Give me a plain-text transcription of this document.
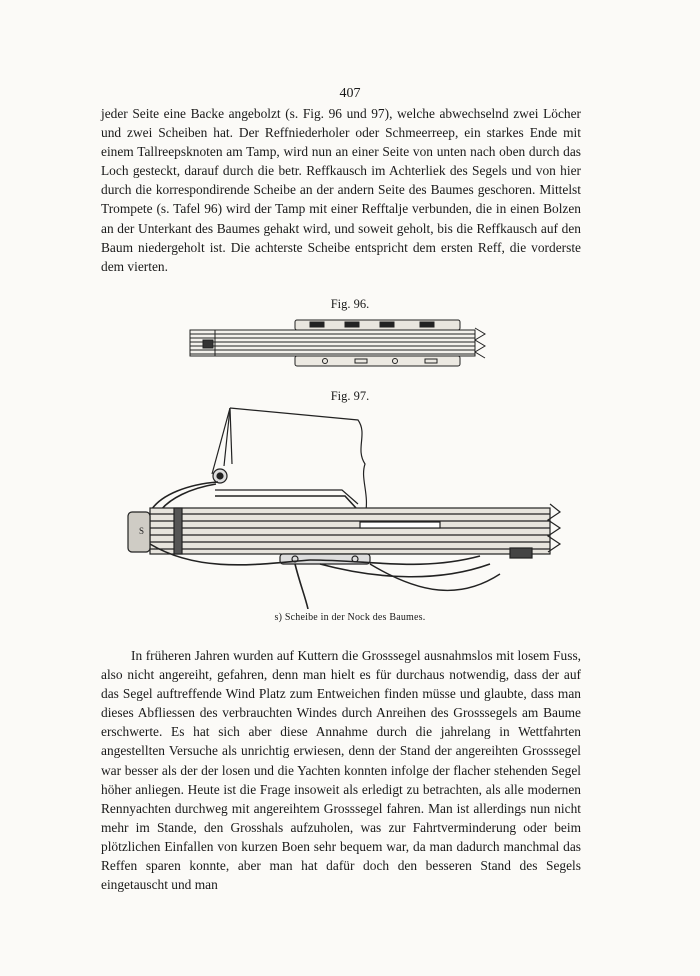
407

jeder Seite eine Backe angebolzt (s. Fig. 96 und 97), welche abwechselnd zwei Löcher und zwei Scheiben hat. Der Reffniederholer oder Schmeerreep, ein starkes Ende mit einem Tallreepsknoten am Tamp, wird nun an einer Seite von unten nach oben durch das Loch gesteckt, darauf durch die betr. Reffkausch im Achterliek des Segels und von hier durch die korrespondirende Scheibe an der andern Seite des Baumes geschoren. Mittelst Trompete (s. Tafel 96) wird der Tamp mit einer Refftalje verbunden, die in einen Bolzen an der Unterkant des Baumes gehakt wird, und soweit geholt, bis die Reffkausch auf den Baum niedergeholt ist. Die achterste Scheibe entspricht dem ersten Reff, die vorderste dem vierten.

Fig. 96.
Fig. 97.
S
s) Scheibe in der Nock des Baumes.

In früheren Jahren wurden auf Kuttern die Grosssegel ausnahmslos mit losem Fuss, also nicht angereiht, gefahren, denn man hielt es für durchaus notwendig, dass der auf das Segel auftreffende Wind Platz zum Entweichen finden müsse und glaubte, dass man dieses Abfliessen des verbrauchten Windes durch Anreihen des Grosssegels am Baume erschwerte. Es hat sich aber diese Annahme durch die jahrelang in Wettfahrten angestellten Versuche als unrichtig erwiesen, denn der Stand der angereihten Grosssegel war besser als der der losen und die Yachten konnten infolge der flacher stehenden Segel höher anliegen. Heute ist die Frage insoweit als erledigt zu betrachten, als alle modernen Rennyachten durchweg mit angereihtem Grosssegel fahren. Man ist allerdings nun nicht mehr im Stande, den Grosshals aufzuholen, was zur Fahrtverminderung oder beim plötzlichen Einfallen von kurzen Boen sehr bequem war, da man dadurch manchmal das Reffen sparen konnte, aber man hat dafür doch den besseren Stand des Segels eingetauscht und man
